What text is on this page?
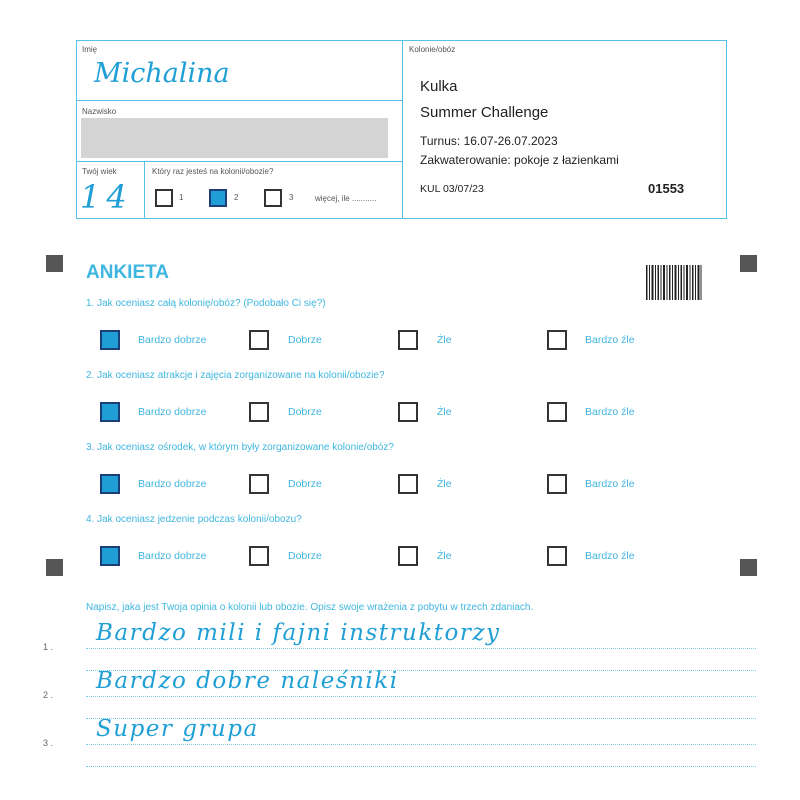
Imię
Michalina
Nazwisko
Twój wiek
14
Który raz jesteś na kolonii/obozie?
1	2	3	więcej, ile ...........
Kolonie/obóz
Kulka
Summer Challenge
Turnus: 16.07-26.07.2023
Zakwaterowanie: pokoje z łazienkami
KUL 03/07/23	01553
ANKIETA
1. Jak oceniasz całą kolonię/obóz? (Podobało Ci się?)
Bardzo dobrze	Dobrze	Źle	Bardzo źle
2. Jak oceniasz atrakcje i zajęcia zorganizowane na kolonii/obozie?
Bardzo dobrze	Dobrze	Źle	Bardzo źle
3. Jak oceniasz ośrodek, w którym były zorganizowane kolonie/obóz?
Bardzo dobrze	Dobrze	Źle	Bardzo źle
4. Jak oceniasz jedzenie podczas kolonii/obozu?
Bardzo dobrze	Dobrze	Źle	Bardzo źle
Napisz, jaka jest Twoja opinia o kolonii lub obozie. Opisz swoje wrażenia z pobytu w trzech zdaniach.
1 .
Bardzo mili i fajni instruktorzy
2 .
Bardzo dobre naleśniki
3 .
Super grupa
